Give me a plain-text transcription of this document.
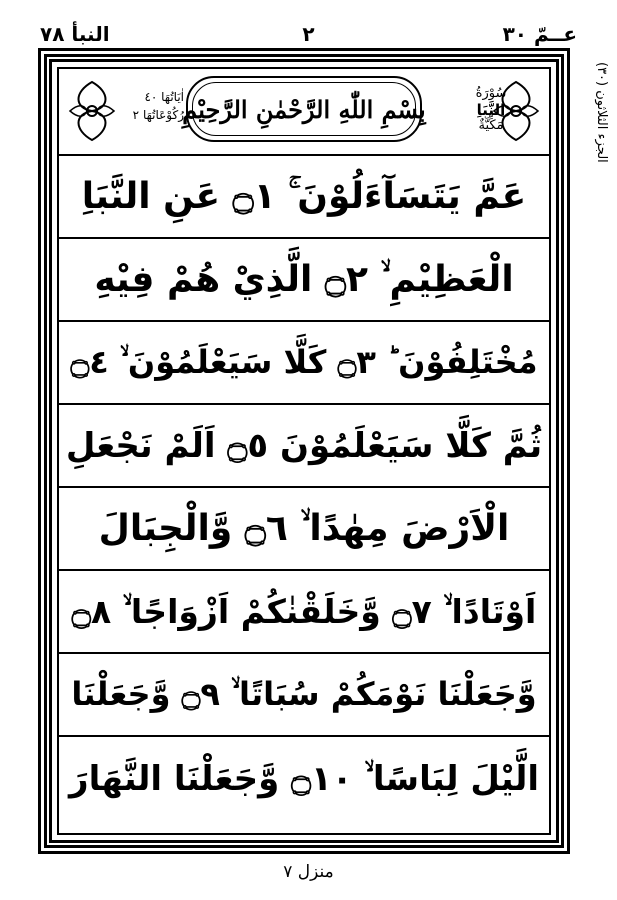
عــمّ ٣٠
٢
النبأ ٧٨
الجزء الثلاثون (٣٠)
سُوْرَةُ
النَّبَاِ
مَكِّيَّةٌ
بِسْمِ اللّٰهِ الرَّحْمٰنِ الرَّحِيْمِ
اٰيَاتُهَا ٤٠
رُكُوْعَاتُهَا ٢
عَمَّ يَتَسَآءَلُوْنَ ۚ ۝١ عَنِ النَّبَاِ
الْعَظِيْمِ ۙ ۝٢ الَّذِيْ هُمْ فِيْهِ
مُخْتَلِفُوْنَ ؕ ۝٣ كَلَّا سَيَعْلَمُوْنَ ۙ ۝٤
ثُمَّ كَلَّا سَيَعْلَمُوْنَ ۝٥ اَلَمْ نَجْعَلِ
الْاَرْضَ مِهٰدًا ۙ ۝٦ وَّالْجِبَالَ
اَوْتَادًا ۙ ۝٧ وَّخَلَقْنٰكُمْ اَزْوَاجًا ۙ ۝٨
وَّجَعَلْنَا نَوْمَكُمْ سُبَاتًا ۙ ۝٩ وَّجَعَلْنَا
الَّيْلَ لِبَاسًا ۙ ۝١٠ وَّجَعَلْنَا النَّهَارَ
منزل ٧
